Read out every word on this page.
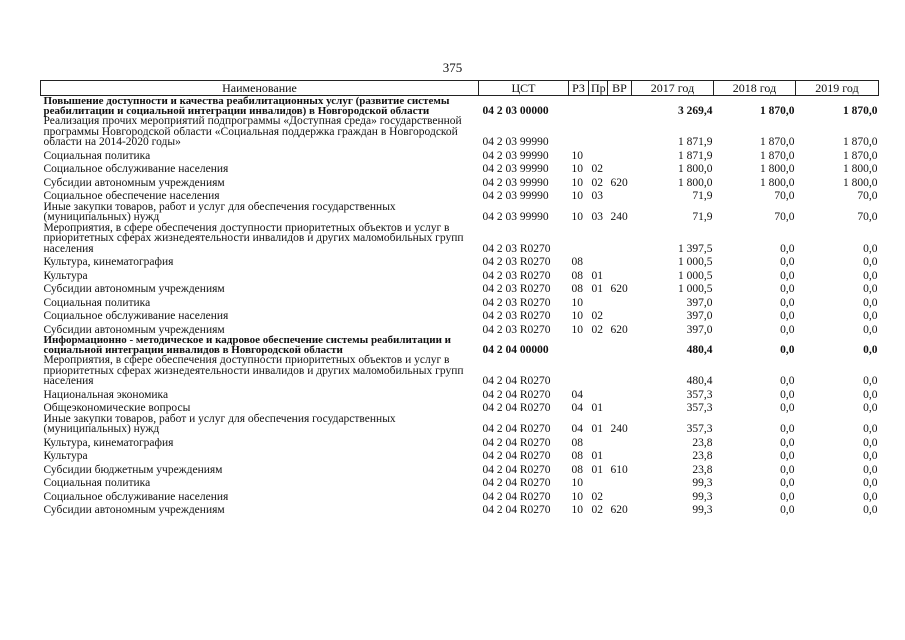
375
Наименование	ЦСТ	РЗ	Пр	ВР	2017 год	2018 год	2019 год
Повышение доступности и качества реабилитационных услуг (развитие системы реабилитации и социальной интеграции инвалидов) в Новгородской области	04 2 03 00000				3 269,4	1 870,0	1 870,0
Реализация прочих мероприятий подпрограммы «Доступная среда» государственной программы Новгородской области «Социальная поддержка граждан в Новгородской области на 2014-2020 годы»	04 2 03 99990				1 871,9	1 870,0	1 870,0
Социальная политика	04 2 03 99990	10			1 871,9	1 870,0	1 870,0
Социальное обслуживание населения	04 2 03 99990	10	02		1 800,0	1 800,0	1 800,0
Субсидии автономным учреждениям	04 2 03 99990	10	02	620	1 800,0	1 800,0	1 800,0
Социальное обеспечение населения	04 2 03 99990	10	03		71,9	70,0	70,0
Иные закупки товаров, работ и услуг для обеспечения государственных (муниципальных) нужд	04 2 03 99990	10	03	240	71,9	70,0	70,0
Мероприятия, в сфере обеспечения доступности приоритетных объектов и услуг в приоритетных сферах жизнедеятельности инвалидов и других маломобильных групп населения	04 2 03 R0270				1 397,5	0,0	0,0
Культура, кинематография	04 2 03 R0270	08			1 000,5	0,0	0,0
Культура	04 2 03 R0270	08	01		1 000,5	0,0	0,0
Субсидии автономным учреждениям	04 2 03 R0270	08	01	620	1 000,5	0,0	0,0
Социальная политика	04 2 03 R0270	10			397,0	0,0	0,0
Социальное обслуживание населения	04 2 03 R0270	10	02		397,0	0,0	0,0
Субсидии автономным учреждениям	04 2 03 R0270	10	02	620	397,0	0,0	0,0
Информационно - методическое и кадровое обеспечение системы реабилитации и социальной интеграции инвалидов в Новгородской области	04 2 04 00000				480,4	0,0	0,0
Мероприятия, в сфере обеспечения доступности приоритетных объектов и услуг в приоритетных сферах жизнедеятельности инвалидов и других маломобильных групп населения	04 2 04 R0270				480,4	0,0	0,0
Национальная экономика	04 2 04 R0270	04			357,3	0,0	0,0
Общеэкономические вопросы	04 2 04 R0270	04	01		357,3	0,0	0,0
Иные закупки товаров, работ и услуг для обеспечения государственных (муниципальных) нужд	04 2 04 R0270	04	01	240	357,3	0,0	0,0
Культура, кинематография	04 2 04 R0270	08			23,8	0,0	0,0
Культура	04 2 04 R0270	08	01		23,8	0,0	0,0
Субсидии бюджетным учреждениям	04 2 04 R0270	08	01	610	23,8	0,0	0,0
Социальная политика	04 2 04 R0270	10			99,3	0,0	0,0
Социальное обслуживание населения	04 2 04 R0270	10	02		99,3	0,0	0,0
Субсидии автономным учреждениям	04 2 04 R0270	10	02	620	99,3	0,0	0,0
